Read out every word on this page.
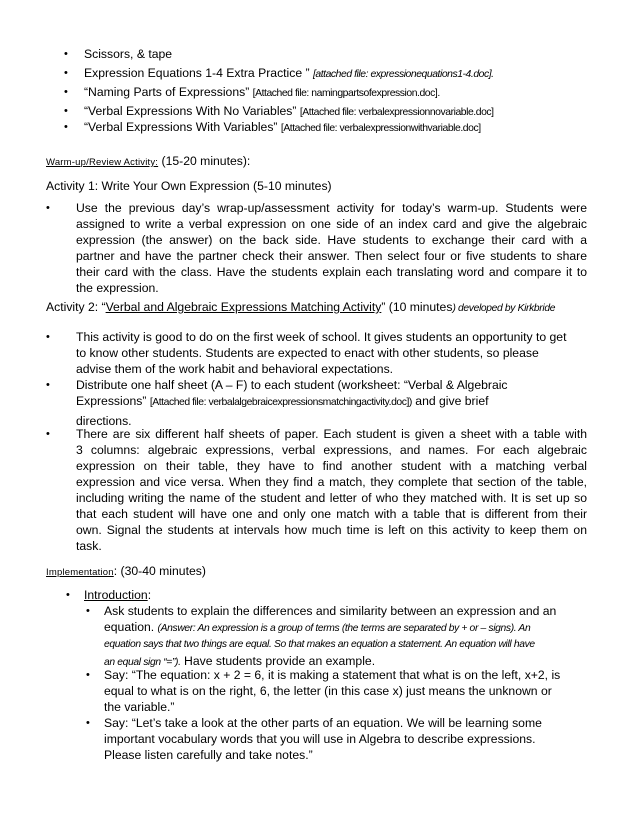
• Scissors, & tape
• Expression Equations 1-4 Extra Practice ” [attached file: expressionequations1-4.doc].
• “Naming Parts of Expressions” [Attached file: namingpartsofexpression.doc].
• “Verbal Expressions With No Variables” [Attached file: verbalexpressionnovariable.doc]
• “Verbal Expressions With Variables” [Attached file: verbalexpressionwithvariable.doc]
Warm-up/Review Activity: (15-20 minutes):
Activity 1: Write Your Own Expression (5-10 minutes)
• Use the previous day’s wrap-up/assessment activity for today’s warm-up. Students were
assigned to write a verbal expression on one side of an index card and give the algebraic
expression (the answer) on the back side. Have students to exchange their card with a
partner and have the partner check their answer. Then select four or five students to share
their card with the class. Have the students explain each translating word and compare it to
the expression.
Activity 2: “Verbal and Algebraic Expressions Matching Activity” (10 minutes) developed by Kirkbride
• This activity is good to do on the first week of school. It gives students an opportunity to get
to know other students. Students are expected to enact with other students, so please
advise them of the work habit and behavioral expectations.
• Distribute one half sheet (A – F) to each student (worksheet: “Verbal & Algebraic
Expressions” [Attached file: verbalalgebraicexpressionsmatchingactivity.doc]) and give brief
directions.
• There are six different half sheets of paper. Each student is given a sheet with a table with
3 columns: algebraic expressions, verbal expressions, and names. For each algebraic
expression on their table, they have to find another student with a matching verbal
expression and vice versa. When they find a match, they complete that section of the table,
including writing the name of the student and letter of who they matched with. It is set up so
that each student will have one and only one match with a table that is different from their
own. Signal the students at intervals how much time is left on this activity to keep them on
task.
Implementation: (30-40 minutes)
• Introduction:
• Ask students to explain the differences and similarity between an expression and an
equation. (Answer: An expression is a group of terms (the terms are separated by + or – signs). An
equation says that two things are equal. So that makes an equation a statement. An equation will have
an equal sign “=”). Have students provide an example.
• Say: “The equation: x + 2 = 6, it is making a statement that what is on the left, x+2, is
equal to what is on the right, 6, the letter (in this case x) just means the unknown or
the variable.”
• Say: “Let’s take a look at the other parts of an equation. We will be learning some
important vocabulary words that you will use in Algebra to describe expressions.
Please listen carefully and take notes.”
